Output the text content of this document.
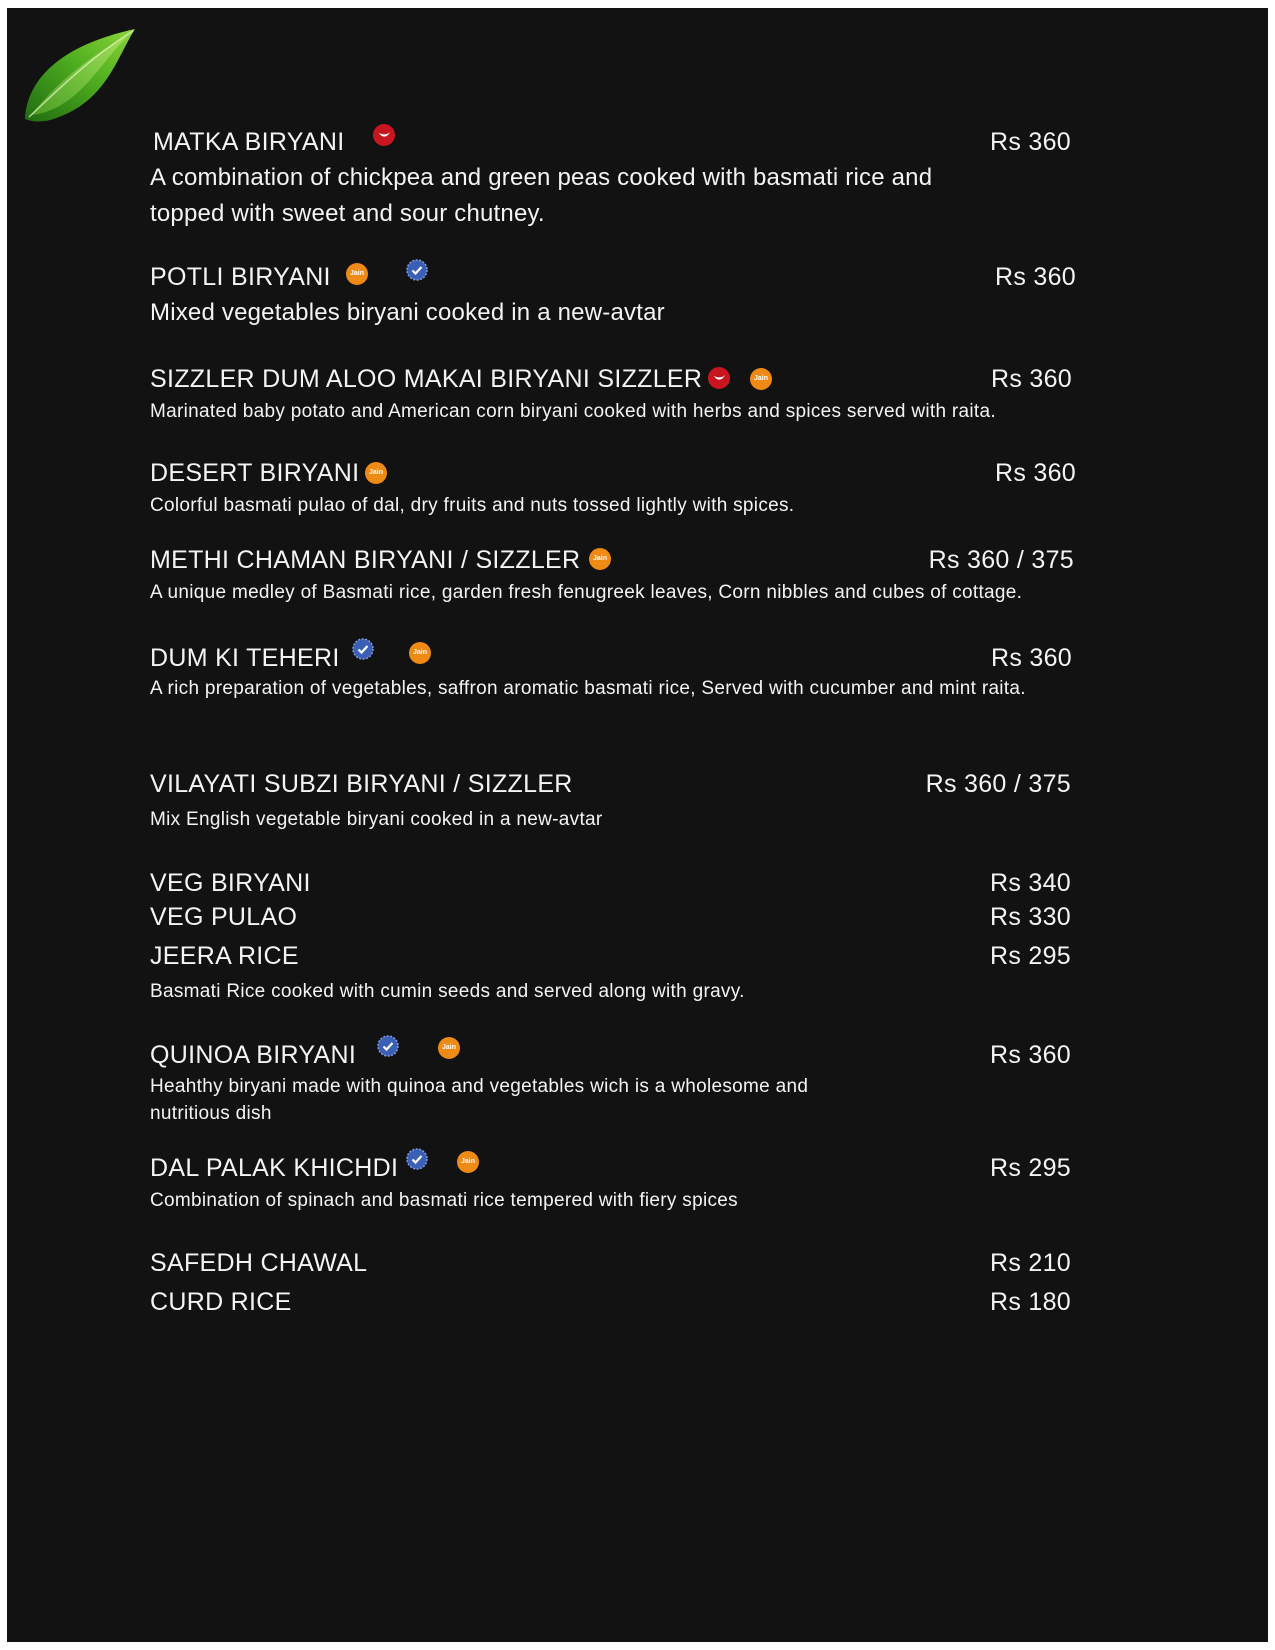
MATKA BIRYANI	Rs 360
A combination of chickpea and green peas cooked with basmati rice and topped with sweet and sour chutney.
POTLI BIRYANI	Jain	Rs 360
Mixed vegetables biryani cooked in a new-avtar
SIZZLER DUM ALOO MAKAI BIRYANI SIZZLER	Jain	Rs 360
Marinated baby potato and American corn biryani cooked with herbs and spices served with raita.
DESERT BIRYANI	Jain	Rs 360
Colorful basmati pulao of dal, dry fruits and nuts tossed lightly with spices.
METHI CHAMAN BIRYANI / SIZZLER	Jain	Rs 360 / 375
A unique medley of Basmati rice, garden fresh fenugreek leaves, Corn nibbles and cubes of cottage.
DUM KI TEHERI	Jain	Rs 360
A rich preparation of vegetables, saffron aromatic basmati rice, Served with cucumber and mint raita.
VILAYATI SUBZI BIRYANI / SIZZLER	Rs 360 / 375
Mix English vegetable biryani cooked in a new-avtar
VEG BIRYANI	Rs 340
VEG PULAO	Rs 330
JEERA RICE	Rs 295
Basmati Rice cooked with cumin seeds and served along with gravy.
QUINOA BIRYANI	Jain	Rs 360
Heahthy biryani made with quinoa and vegetables wich is a wholesome and nutritious dish
DAL PALAK KHICHDI	Jain	Rs 295
Combination of spinach and basmati rice tempered with fiery spices
SAFEDH CHAWAL	Rs 210
CURD RICE	Rs 180
